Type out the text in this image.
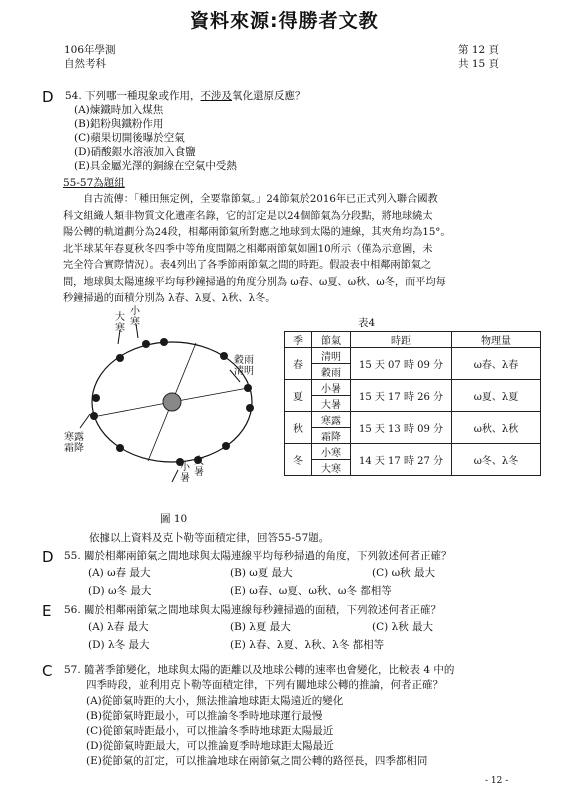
資料來源:得勝者文教
106年學測
自然考科
第 12 頁
共 15 頁
D 54. 下列哪一種現象或作用，不涉及氧化還原反應？
(A)煉鐵時加入煤焦
(B)鋁粉與鐵粉作用
(C)蘋果切開後曝於空氣
(D)硝酸銀水溶液加入食鹽
(E)具金屬光澤的銅線在空氣中受熱
55-57為題組
自古流傳：「種田無定例，全要靠節氣。」24節氣於2016年已正式列入聯合國教
科文組織人類非物質文化遺產名錄，它的訂定是以24個節氣為分段點，將地球繞太
陽公轉的軌道劃分為24段，相鄰兩節氣所對應之地球到太陽的連線，其夾角均為15°。
北半球某年春夏秋冬四季中等角度間隔之相鄰兩節氣如圖10所示（僅為示意圖，未
完全符合實際情況）。表4列出了各季節兩節氣之間的時距。假設表中相鄰兩節氣之
間，地球與太陽連線平均每秒鐘掃過的角度分別為 ω春、ω夏、ω秋、ω冬，而平均每
秒鐘掃過的面積分別為 λ春、λ夏、λ秋、λ冬。
太陽
大
寒
小
寒
穀雨
清明
寒露
霜降
小
暑
大
暑
圖 10
表4
季	節氣	時距	物理量
春	清明	15 天 07 時 09 分	ω春、λ春
	穀雨		
夏	小暑	15 天 17 時 26 分	ω夏、λ夏
	大暑		
秋	寒露	15 天 13 時 09 分	ω秋、λ秋
	霜降		
冬	小寒	14 天 17 時 27 分	ω冬、λ冬
	大寒		
依據以上資料及克卜勒等面積定律，回答55-57題。
D 55. 關於相鄰兩節氣之間地球與太陽連線平均每秒掃過的角度，下列敘述何者正確？
(A) ω春 最大	(B) ω夏 最大	(C) ω秋 最大
(D) ω冬 最大	(E) ω春、ω夏、ω秋、ω冬 都相等
E 56. 關於相鄰兩節氣之間地球與太陽連線每秒鐘掃過的面積，下列敘述何者正確？
(A) λ春 最大	(B) λ夏 最大	(C) λ秋 最大
(D) λ冬 最大	(E) λ春、λ夏、λ秋、λ冬 都相等
C 57. 隨著季節變化，地球與太陽的距離以及地球公轉的速率也會變化，比較表 4 中的
四季時段，並利用克卜勒等面積定律，下列有關地球公轉的推論，何者正確？
(A)從節氣時距的大小，無法推論地球距太陽遠近的變化
(B)從節氣時距最小，可以推論冬季時地球運行最慢
(C)從節氣時距最小，可以推論冬季時地球距太陽最近
(D)從節氣時距最大，可以推論夏季時地球距太陽最近
(E)從節氣的訂定，可以推論地球在兩節氣之間公轉的路徑長，四季都相同
- 12 -
